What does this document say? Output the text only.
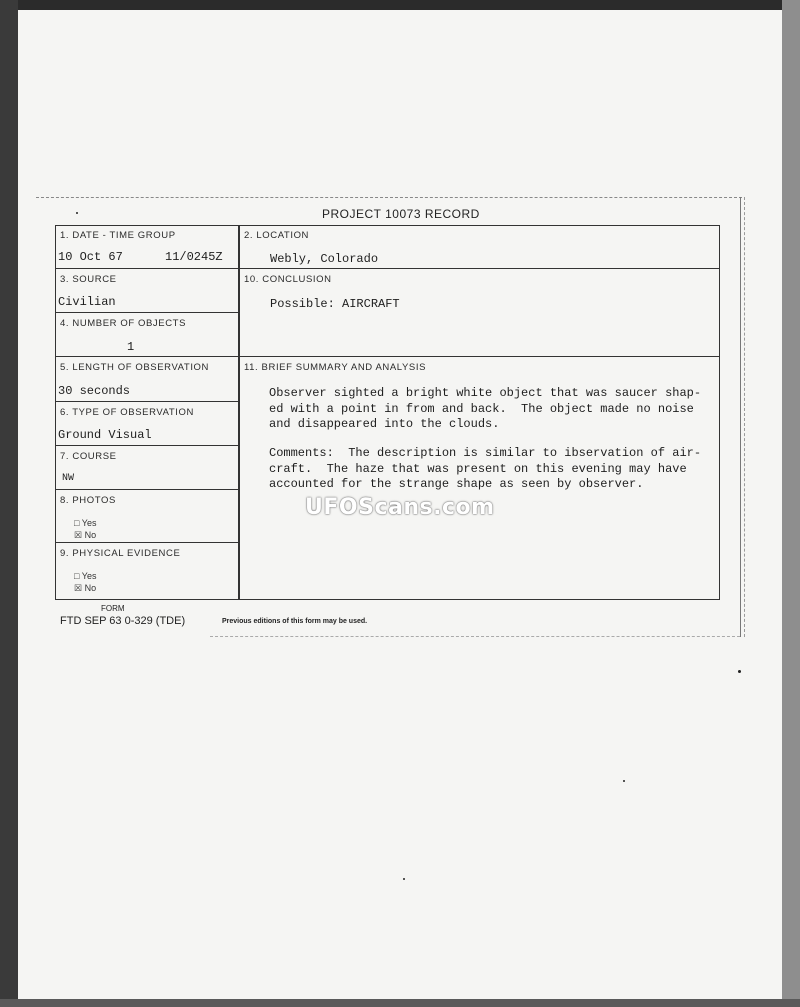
PROJECT 10073 RECORD
1. DATE - TIME GROUP
10 Oct 67	11/0245Z
2. LOCATION
Webly, Colorado
3. SOURCE
Civilian
10. CONCLUSION
Possible: AIRCRAFT
4. NUMBER OF OBJECTS
1
5. LENGTH OF OBSERVATION
30 seconds
11. BRIEF SUMMARY AND ANALYSIS
Observer sighted a bright white object that was saucer shap-
ed with a point in from and back.  The object made no noise
and disappeared into the clouds.
Comments:  The description is similar to ibservation of air-
craft.  The haze that was present on this evening may have
accounted for the strange shape as seen by observer.
6. TYPE OF OBSERVATION
Ground Visual
7. COURSE
NW
8. PHOTOS
□ Yes
☒ No
9. PHYSICAL EVIDENCE
□ Yes
☒ No
FORM
FTD SEP 63 0-329 (TDE)	Previous editions of this form may be used.
UFOScans.com
